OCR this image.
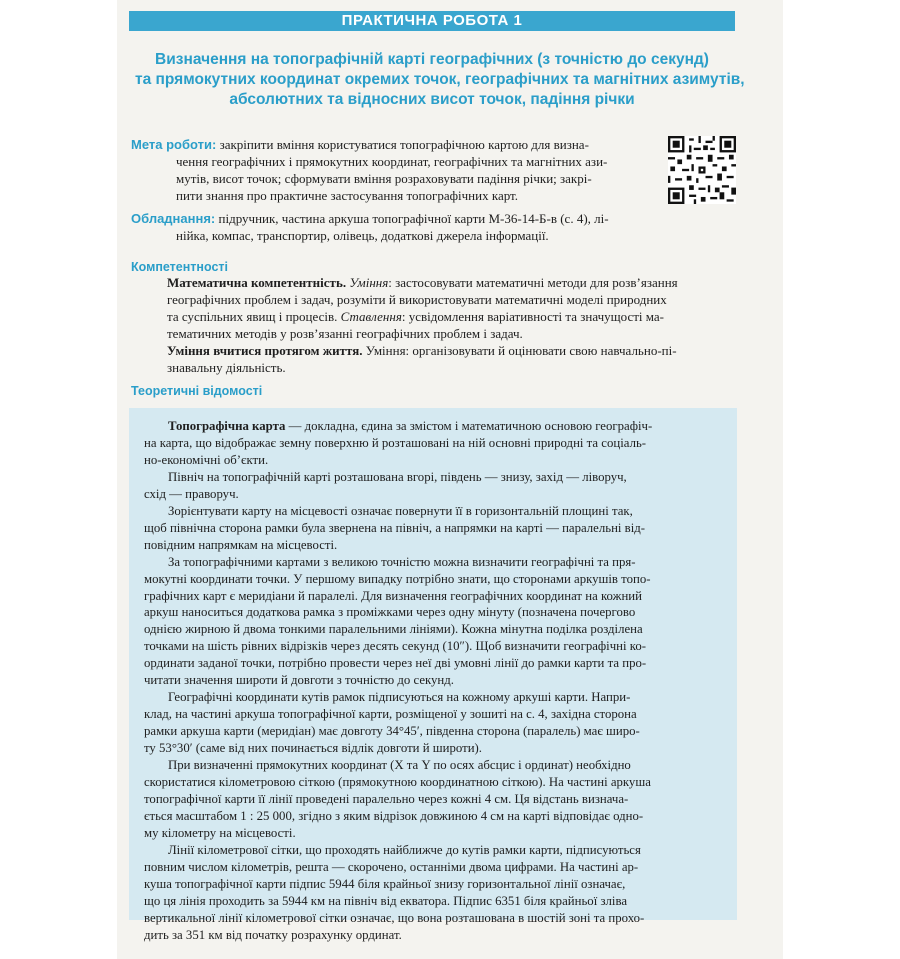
ПРАКТИЧНА РОБОТА 1
Визначення на топографічній карті географічних (з точністю до секунд)
та прямокутних координат окремих точок, географічних та магнітних азимутів,
абсолютних та відносних висот точок, падіння річки
Мета роботи: закріпити вміння користуватися топографічною картою для визна-
чення географічних і прямокутних координат, географічних та магнітних ази-
мутів, висот точок; сформувати вміння розраховувати падіння річки; закрі-
пити знання про практичне застосування топографічних карт.
Обладнання: підручник, частина аркуша топографічної карти М-36-14-Б-в (с. 4), лі-
нійка, компас, транспортир, олівець, додаткові джерела інформації.
Компетентності
Математична компетентність. Уміння: застосовувати математичні методи для розв’язання
географічних проблем і задач, розуміти й використовувати математичні моделі природних
та суспільних явищ і процесів. Ставлення: усвідомлення варіативності та значущості ма-
тематичних методів у розв’язанні географічних проблем і задач.
Уміння вчитися протягом життя. Уміння: організовувати й оцінювати свою навчально-пі-
знавальну діяльність.
Теоретичні відомості
Топографічна карта — докладна, єдина за змістом і математичною основою географіч-
на карта, що відображає земну поверхню й розташовані на ній основні природні та соціаль-
но-економічні об’єкти.
Північ на топографічній карті розташована вгорі, південь — знизу, захід — ліворуч,
схід — праворуч.
Зорієнтувати карту на місцевості означає повернути її в горизонтальній площині так,
щоб північна сторона рамки була звернена на північ, а напрямки на карті — паралельні від-
повідним напрямкам на місцевості.
За топографічними картами з великою точністю можна визначити географічні та пря-
мокутні координати точки. У першому випадку потрібно знати, що сторонами аркушів топо-
графічних карт є меридіани й паралелі. Для визначення географічних координат на кожний
аркуш наноситься додаткова рамка з проміжками через одну мінуту (позначена почергово
однією жирною й двома тонкими паралельними лініями). Кожна мінутна поділка розділена
точками на шість рівних відрізків через десять секунд (10″). Щоб визначити географічні ко-
ординати заданої точки, потрібно провести через неї дві умовні лінії до рамки карти та про-
читати значення широти й довготи з точністю до секунд.
Географічні координати кутів рамок підписуються на кожному аркуші карти. Напри-
клад, на частині аркуша топографічної карти, розміщеної у зошиті на с. 4, західна сторона
рамки аркуша карти (меридіан) має довготу 34°45′, південна сторона (паралель) має широ-
ту 53°30′ (саме від них починається відлік довготи й широти).
При визначенні прямокутних координат (X та Y по осях абсцис і ординат) необхідно
скористатися кілометровою сіткою (прямокутною координатною сіткою). На частині аркуша
топографічної карти її лінії проведені паралельно через кожні 4 см. Ця відстань визнача-
ється масштабом 1 : 25 000, згідно з яким відрізок довжиною 4 см на карті відповідає одно-
му кілометру на місцевості.
Лінії кілометрової сітки, що проходять найближче до кутів рамки карти, підписуються
повним числом кілометрів, решта — скорочено, останніми двома цифрами. На частині ар-
куша топографічної карти підпис 5944 біля крайньої знизу горизонтальної лінії означає,
що ця лінія проходить за 5944 км на північ від екватора. Підпис 6351 біля крайньої зліва
вертикальної лінії кілометрової сітки означає, що вона розташована в шостій зоні та прохо-
дить за 351 км від початку розрахунку ординат.
